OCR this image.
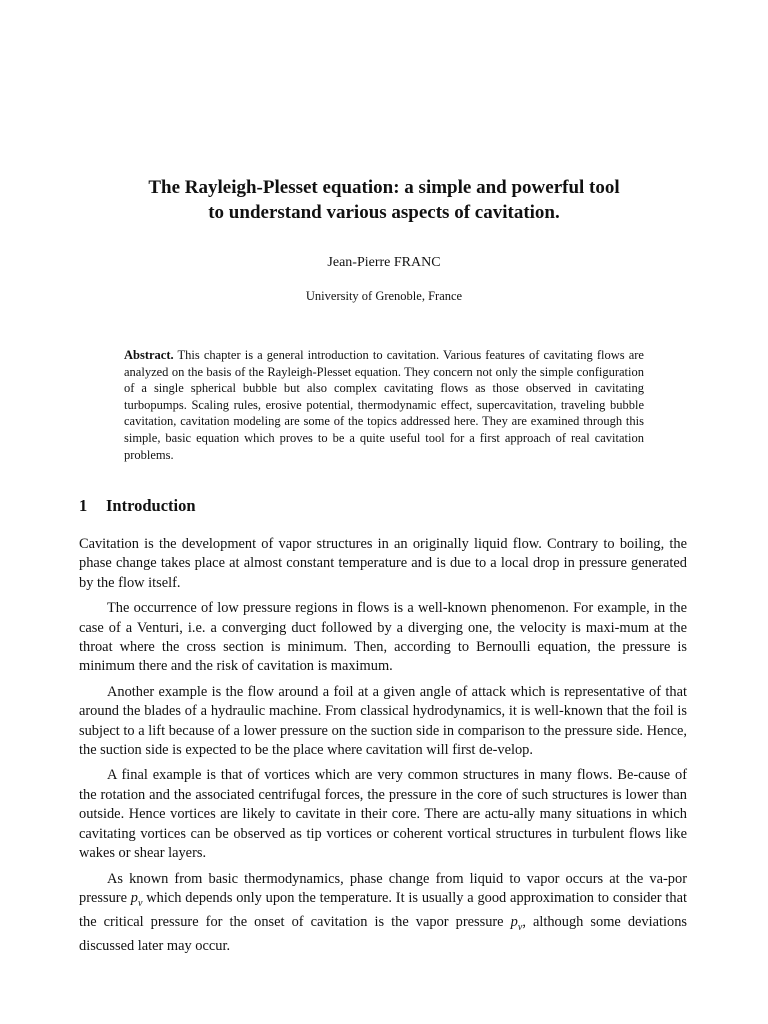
The Rayleigh-Plesset equation: a simple and powerful tool
to understand various aspects of cavitation.
Jean-Pierre FRANC
University of Grenoble, France
Abstract. This chapter is a general introduction to cavitation. Various features of cavitating flows are analyzed on the basis of the Rayleigh-Plesset equation. They concern not only the simple configuration of a single spherical bubble but also complex cavitating flows as those observed in cavitating turbopumps. Scaling rules, erosive potential, thermodynamic effect, supercavitation, traveling bubble cavitation, cavitation modeling are some of the topics addressed here. They are examined through this simple, basic equation which proves to be a quite useful tool for a first approach of real cavitation problems.
1 Introduction

Cavitation is the development of vapor structures in an originally liquid flow. Contrary to boiling, the phase change takes place at almost constant temperature and is due to a local drop in pressure generated by the flow itself.

The occurrence of low pressure regions in flows is a well-known phenomenon. For example, in the case of a Venturi, i.e. a converging duct followed by a diverging one, the velocity is maxi-mum at the throat where the cross section is minimum. Then, according to Bernoulli equation, the pressure is minimum there and the risk of cavitation is maximum.

Another example is the flow around a foil at a given angle of attack which is representative of that around the blades of a hydraulic machine. From classical hydrodynamics, it is well-known that the foil is subject to a lift because of a lower pressure on the suction side in comparison to the pressure side. Hence, the suction side is expected to be the place where cavitation will first de-velop.

A final example is that of vortices which are very common structures in many flows. Be-cause of the rotation and the associated centrifugal forces, the pressure in the core of such structures is lower than outside. Hence vortices are likely to cavitate in their core. There are actu-ally many situations in which cavitating vortices can be observed as tip vortices or coherent vortical structures in turbulent flows like wakes or shear layers.

As known from basic thermodynamics, phase change from liquid to vapor occurs at the va-por pressure $p_v$ which depends only upon the temperature. It is usually a good approximation to consider that the critical pressure for the onset of cavitation is the vapor pressure $p_v$, although some deviations discussed later may occur.
